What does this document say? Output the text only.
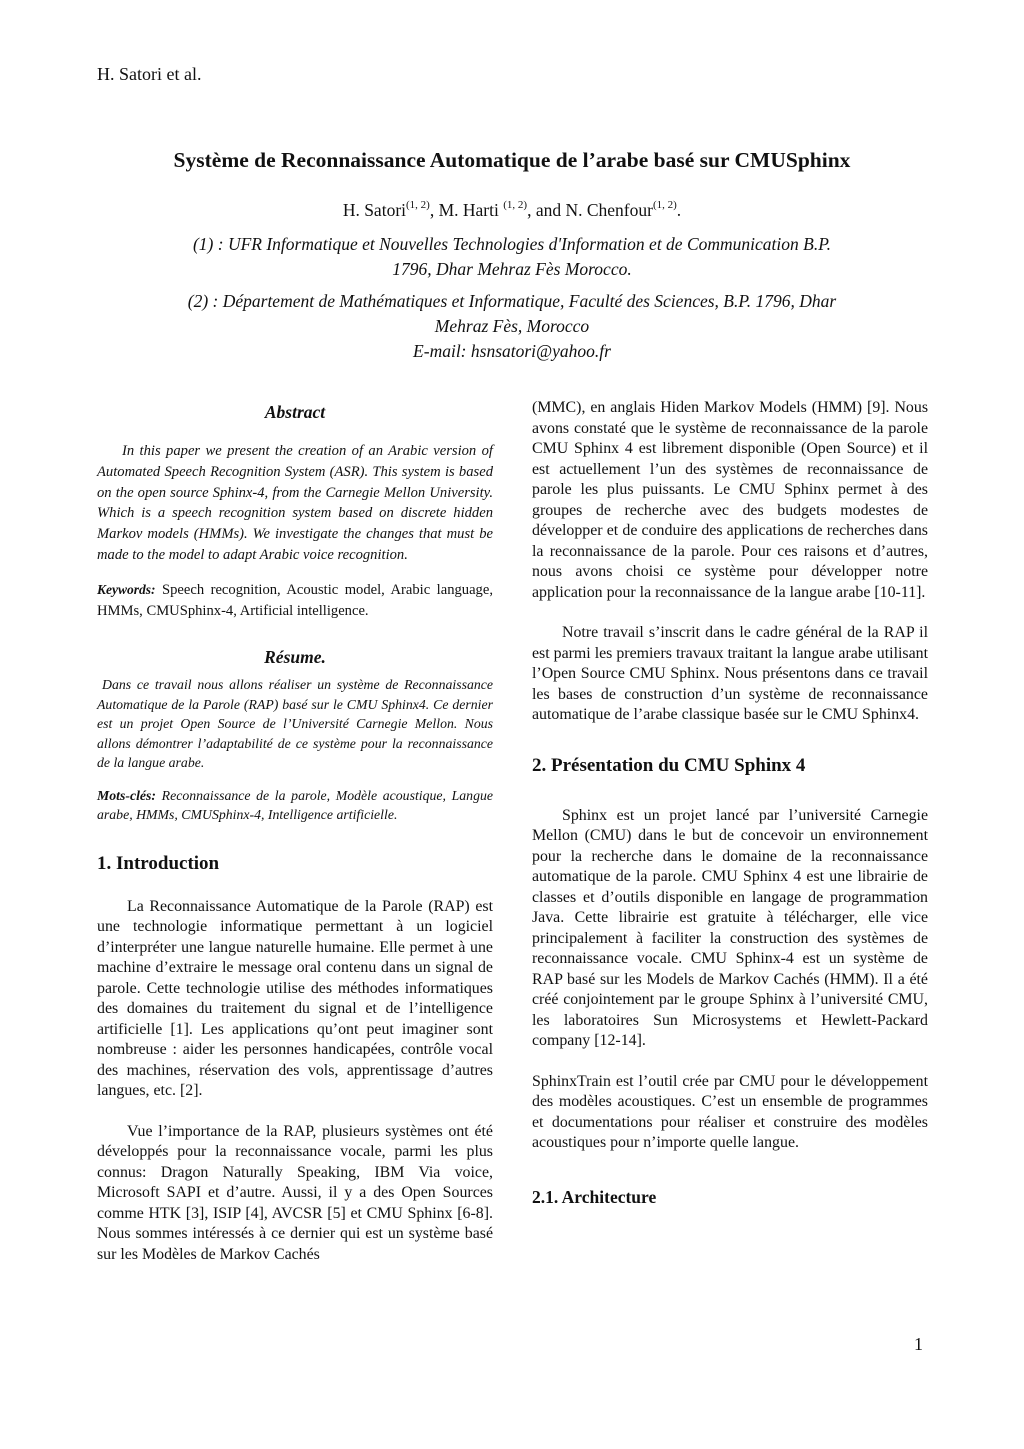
H. Satori et al.
Système de Reconnaissance Automatique de l’arabe basé sur CMUSphinx
H. Satori$^{(1, 2)}$, M. Harti $^{(1, 2)}$, and N. Chenfour$^{(1, 2)}$.
(1) : UFR Informatique et Nouvelles Technologies d'Information et de Communication B.P.
1796, Dhar Mehraz Fès Morocco.
(2) : Département de Mathématiques et Informatique, Faculté des Sciences, B.P. 1796, Dhar
Mehraz Fès, Morocco
E-mail: hsnsatori@yahoo.fr
Abstract

In this paper we present the creation of an Arabic version of Automated Speech Recognition System (ASR). This system is based on the open source Sphinx-4, from the Carnegie Mellon University. Which is a speech recognition system based on discrete hidden Markov models (HMMs). We investigate the changes that must be made to the model to adapt Arabic voice recognition.

Keywords: Speech recognition, Acoustic model, Arabic language, HMMs, CMUSphinx-4, Artificial intelligence.

Résume.

Dans ce travail nous allons réaliser un système de Reconnaissance Automatique de la Parole (RAP) basé sur le CMU Sphinx4. Ce dernier est un projet Open Source de l’Université Carnegie Mellon. Nous allons démontrer l’adaptabilité de ce système pour la reconnaissance de la langue arabe.

Mots-clés: Reconnaissance de la parole, Modèle acoustique, Langue arabe, HMMs, CMUSphinx-4, Intelligence artificielle.

1. Introduction

La Reconnaissance Automatique de la Parole (RAP) est une technologie informatique permettant à un logiciel d’interpréter une langue naturelle humaine. Elle permet à une machine d’extraire le message oral contenu dans un signal de parole. Cette technologie utilise des méthodes informatiques des domaines du traitement du signal et de l’intelligence artificielle [1]. Les applications qu’ont peut imaginer sont nombreuse : aider les personnes handicapées, contrôle vocal des machines, réservation des vols, apprentissage d’autres langues, etc. [2].

Vue l’importance de la RAP, plusieurs systèmes ont été développés pour la reconnaissance vocale, parmi les plus connus: Dragon Naturally Speaking, IBM Via voice, Microsoft SAPI et d’autre. Aussi, il y a des Open Sources comme HTK [3], ISIP [4], AVCSR [5] et CMU Sphinx [6-8]. Nous sommes intéressés à ce dernier qui est un système basé sur les Modèles de Markov Cachés

(MMC), en anglais Hiden Markov Models (HMM) [9]. Nous avons constaté que le système de reconnaissance de la parole CMU Sphinx 4 est librement disponible (Open Source) et il est actuellement l’un des systèmes de reconnaissance de parole les plus puissants. Le CMU Sphinx permet à des groupes de recherche avec des budgets modestes de développer et de conduire des applications de recherches dans la reconnaissance de la parole. Pour ces raisons et d’autres, nous avons choisi ce système pour développer notre application pour la reconnaissance de la langue arabe [10-11].

Notre travail s’inscrit dans le cadre général de la RAP il est parmi les premiers travaux traitant la langue arabe utilisant l’Open Source CMU Sphinx. Nous présentons dans ce travail les bases de construction d’un système de reconnaissance automatique de l’arabe classique basée sur le CMU Sphinx4.

2. Présentation du CMU Sphinx 4

Sphinx est un projet lancé par l’université Carnegie Mellon (CMU) dans le but de concevoir un environnement pour la recherche dans le domaine de la reconnaissance automatique de la parole. CMU Sphinx 4 est une librairie de classes et d’outils disponible en langage de programmation Java. Cette librairie est gratuite à télécharger, elle vice principalement à faciliter la construction des systèmes de reconnaissance vocale. CMU Sphinx-4 est un système de RAP basé sur les Models de Markov Cachés (HMM). Il a été créé conjointement par le groupe Sphinx à l’université CMU, les laboratoires Sun Microsystems et Hewlett-Packard company [12-14].

SphinxTrain est l’outil crée par CMU pour le développement des modèles acoustiques. C’est un ensemble de programmes et documentations pour réaliser et construire des modèles acoustiques pour n’importe quelle langue.

2.1. Architecture
1
